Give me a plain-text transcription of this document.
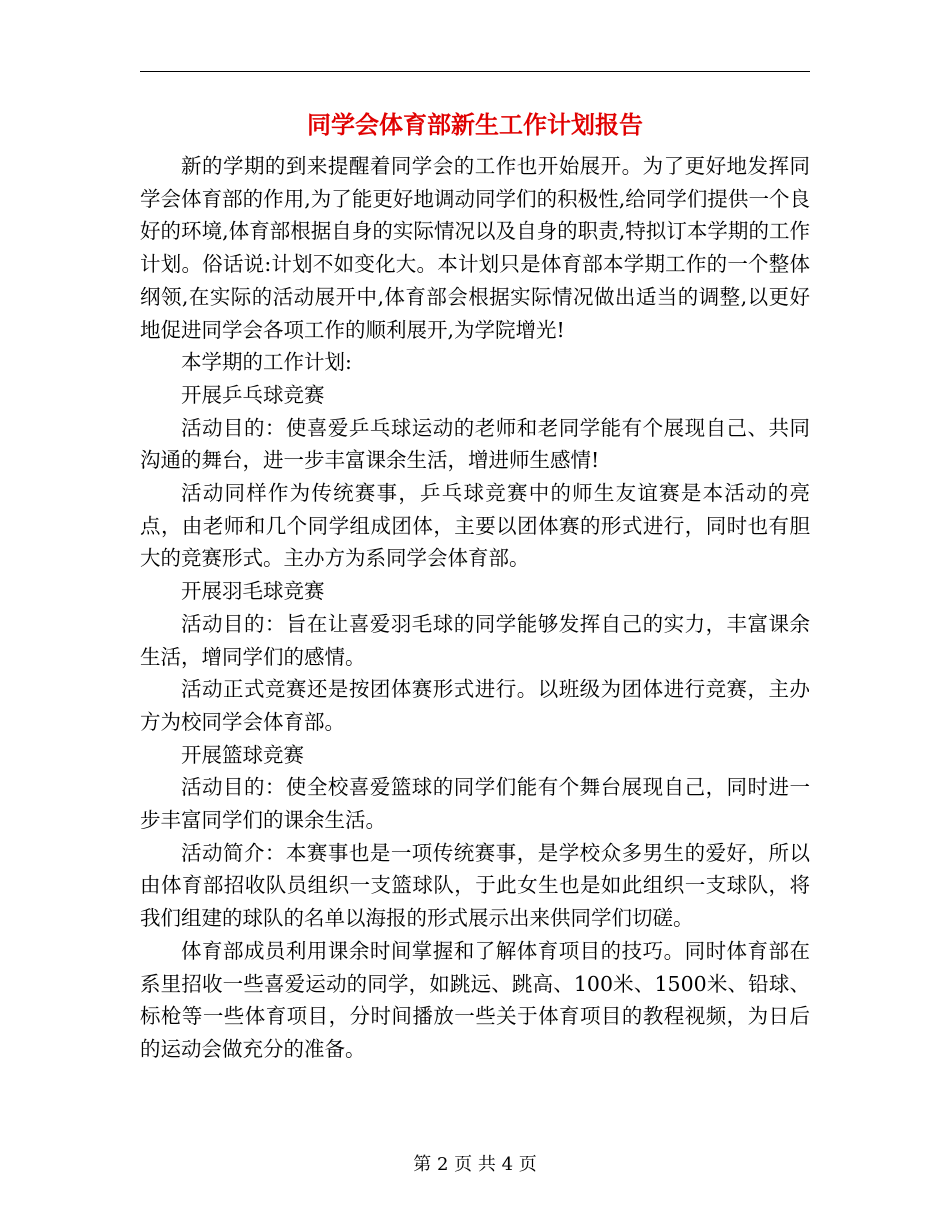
同学会体育部新生工作计划报告

新的学期的到来提醒着同学会的工作也开始展开。为了更好地发挥同学会体育部的作用,为了能更好地调动同学们的积极性,给同学们提供一个良好的环境,体育部根据自身的实际情况以及自身的职责,特拟订本学期的工作计划。俗话说:计划不如变化大。本计划只是体育部本学期工作的一个整体纲领,在实际的活动展开中,体育部会根据实际情况做出适当的调整,以更好地促进同学会各项工作的顺利展开,为学院增光!

本学期的工作计划:

开展乒乓球竞赛

活动目的：使喜爱乒乓球运动的老师和老同学能有个展现自己、共同沟通的舞台，进一步丰富课余生活，增进师生感情!

活动同样作为传统赛事，乒乓球竞赛中的师生友谊赛是本活动的亮点，由老师和几个同学组成团体，主要以团体赛的形式进行，同时也有胆大的竞赛形式。主办方为系同学会体育部。

开展羽毛球竞赛

活动目的：旨在让喜爱羽毛球的同学能够发挥自己的实力，丰富课余生活，增同学们的感情。

活动正式竞赛还是按团体赛形式进行。以班级为团体进行竞赛，主办方为校同学会体育部。

开展篮球竞赛

活动目的：使全校喜爱篮球的同学们能有个舞台展现自己，同时进一步丰富同学们的课余生活。

活动简介：本赛事也是一项传统赛事，是学校众多男生的爱好，所以由体育部招收队员组织一支篮球队，于此女生也是如此组织一支球队，将我们组建的球队的名单以海报的形式展示出来供同学们切磋。

体育部成员利用课余时间掌握和了解体育项目的技巧。同时体育部在系里招收一些喜爱运动的同学，如跳远、跳高、100米、1500米、铅球、标枪等一些体育项目，分时间播放一些关于体育项目的教程视频，为日后的运动会做充分的准备。

第 2 页 共 4 页
